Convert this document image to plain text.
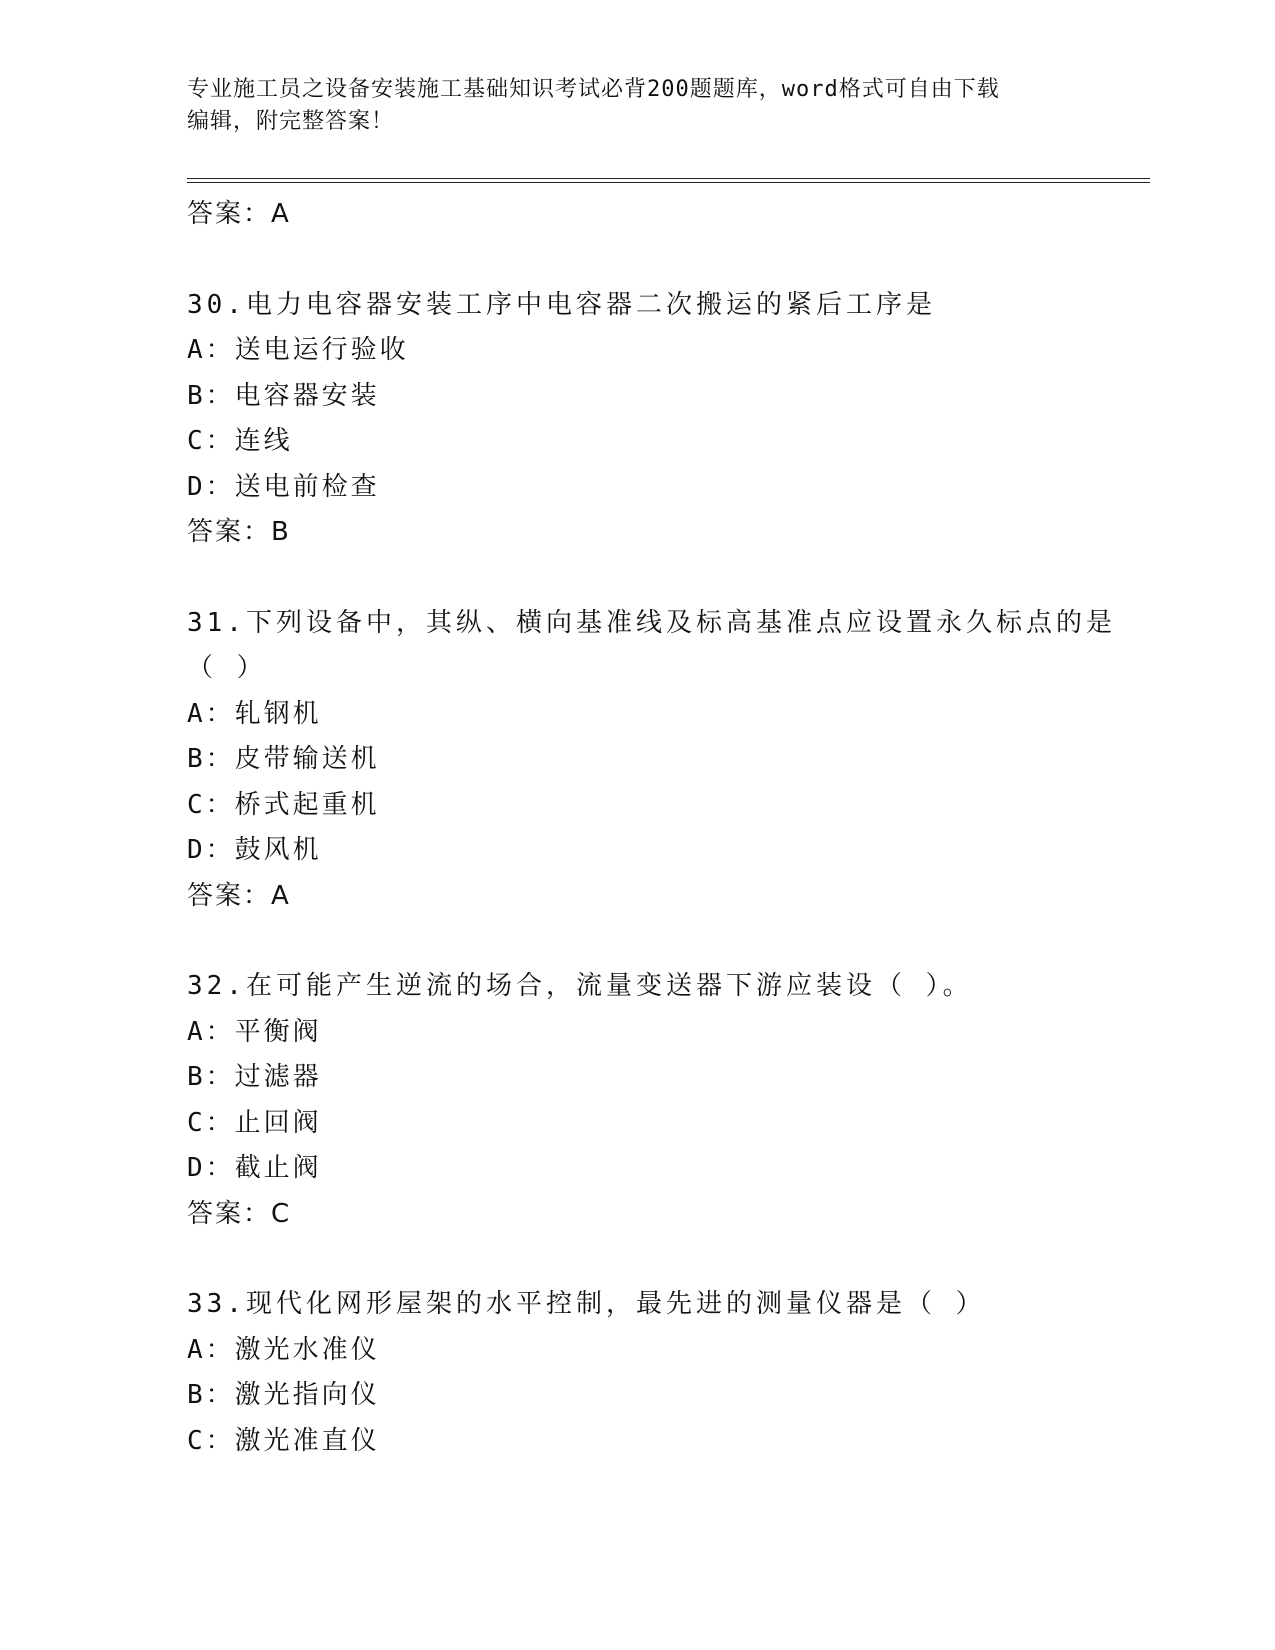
专业施工员之设备安装施工基础知识考试必背200题题库，word格式可自由下载
编辑，附完整答案！
答案：A
30.电力电容器安装工序中电容器二次搬运的紧后工序是
A：送电运行验收
B：电容器安装
C：连线
D：送电前检查
答案：B
31.下列设备中，其纵、横向基准线及标高基准点应设置永久标点的是
（ ）
A：轧钢机
B：皮带输送机
C：桥式起重机
D：鼓风机
答案：A
32.在可能产生逆流的场合，流量变送器下游应装设（ ）。
A：平衡阀
B：过滤器
C：止回阀
D：截止阀
答案：C
33.现代化网形屋架的水平控制，最先进的测量仪器是（ ）
A：激光水准仪
B：激光指向仪
C：激光准直仪
